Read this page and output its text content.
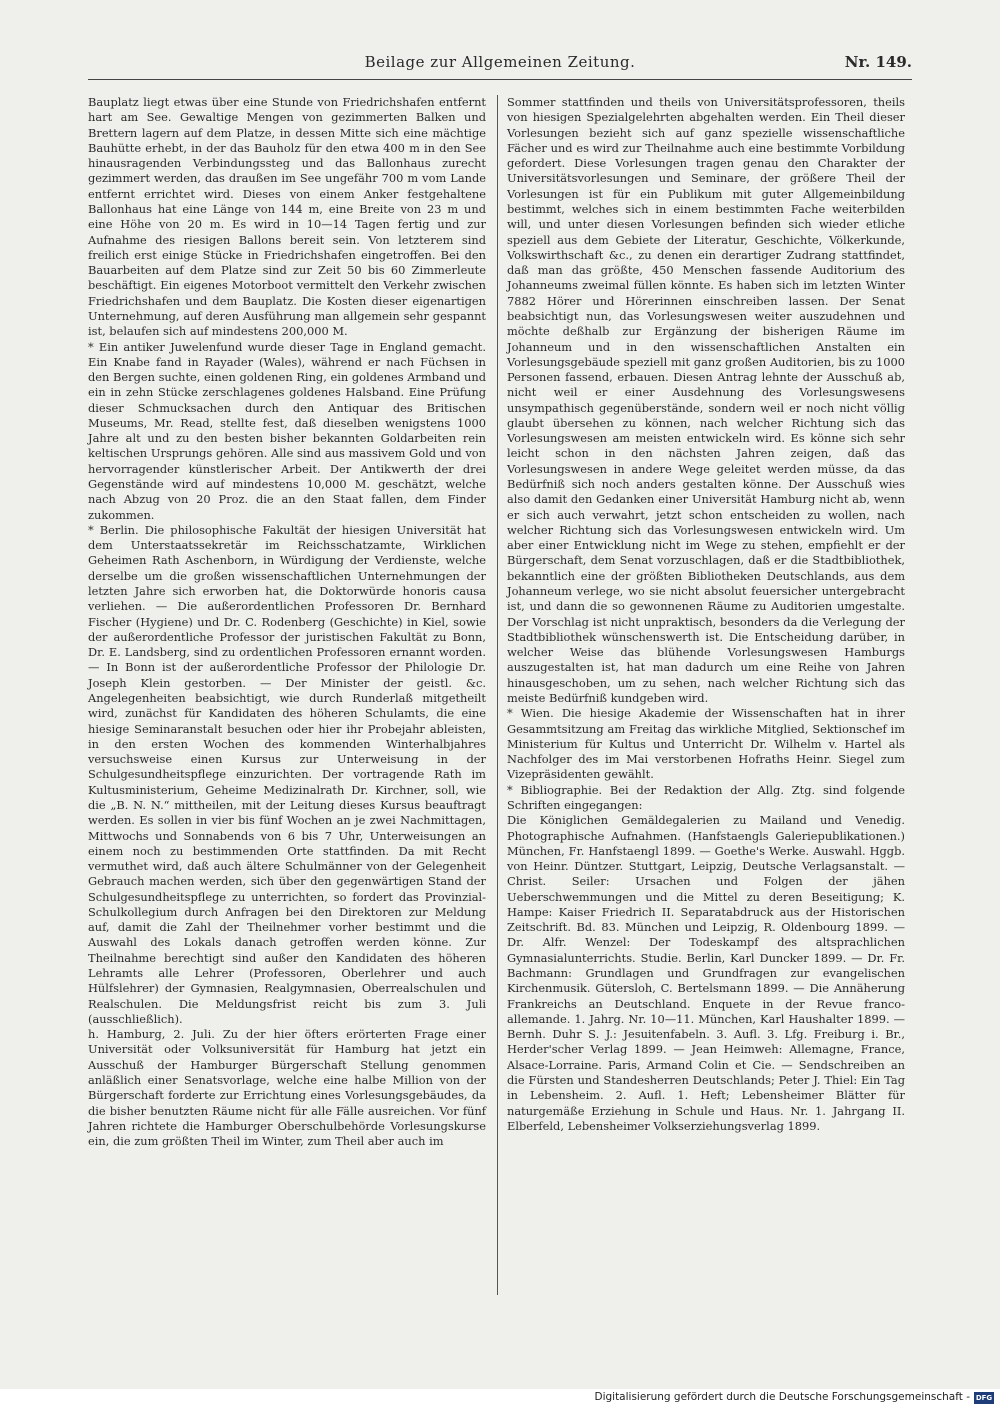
Beilage zur Allgemeinen Zeitung.	Nr. 149.

Bauplatz liegt etwas über eine Stunde von Friedrichshafen entfernt hart am See. Gewaltige Mengen von gezimmerten Balken und Brettern lagern auf dem Platze, in dessen Mitte sich eine mächtige Bauhütte erhebt, in der das Bauholz für den etwa 400 m in den See hinausragenden Verbindungssteg und das Ballonhaus zurecht gezimmert werden, das draußen im See ungefähr 700 m vom Lande entfernt errichtet wird. Dieses von einem Anker festgehaltene Ballonhaus hat eine Länge von 144 m, eine Breite von 23 m und eine Höhe von 20 m. Es wird in 10—14 Tagen fertig und zur Aufnahme des riesigen Ballons bereit sein. Von letzterem sind freilich erst einige Stücke in Friedrichshafen eingetroffen. Bei den Bauarbeiten auf dem Platze sind zur Zeit 50 bis 60 Zimmerleute beschäftigt. Ein eigenes Motorboot vermittelt den Verkehr zwischen Friedrichshafen und dem Bauplatz. Die Kosten dieser eigenartigen Unternehmung, auf deren Ausführung man allgemein sehr gespannt ist, belaufen sich auf mindestens 200,000 M.

* Ein antiker Juwelenfund wurde dieser Tage in England gemacht. Ein Knabe fand in Rayader (Wales), während er nach Füchsen in den Bergen suchte, einen goldenen Ring, ein goldenes Armband und ein in zehn Stücke zerschlagenes goldenes Halsband. Eine Prüfung dieser Schmucksachen durch den Antiquar des Britischen Museums, Mr. Read, stellte fest, daß dieselben wenigstens 1000 Jahre alt und zu den besten bisher bekannten Goldarbeiten rein keltischen Ursprungs gehören. Alle sind aus massivem Gold und von hervorragender künstlerischer Arbeit. Der Antikwerth der drei Gegenstände wird auf mindestens 10,000 M. geschätzt, welche nach Abzug von 20 Proz. die an den Staat fallen, dem Finder zukommen.

* Berlin. Die philosophische Fakultät der hiesigen Universität hat dem Unterstaatssekretär im Reichsschatzamte, Wirklichen Geheimen Rath Aschenborn, in Würdigung der Verdienste, welche derselbe um die großen wissenschaftlichen Unternehmungen der letzten Jahre sich erworben hat, die Doktorwürde honoris causa verliehen. — Die außerordentlichen Professoren Dr. Bernhard Fischer (Hygiene) und Dr. C. Rodenberg (Geschichte) in Kiel, sowie der außerordentliche Professor der juristischen Fakultät zu Bonn, Dr. E. Landsberg, sind zu ordentlichen Professoren ernannt worden. — In Bonn ist der außerordentliche Professor der Philologie Dr. Joseph Klein gestorben. — Der Minister der geistl. &c. Angelegenheiten beabsichtigt, wie durch Runderlaß mitgetheilt wird, zunächst für Kandidaten des höheren Schulamts, die eine hiesige Seminaranstalt besuchen oder hier ihr Probejahr ableisten, in den ersten Wochen des kommenden Winterhalbjahres versuchsweise einen Kursus zur Unterweisung in der Schulgesundheitspflege einzurichten. Der vortragende Rath im Kultusministerium, Geheime Medizinalrath Dr. Kirchner, soll, wie die „B. N. N.“ mittheilen, mit der Leitung dieses Kursus beauftragt werden. Es sollen in vier bis fünf Wochen an je zwei Nachmittagen, Mittwochs und Sonnabends von 6 bis 7 Uhr, Unterweisungen an einem noch zu bestimmenden Orte stattfinden. Da mit Recht vermuthet wird, daß auch ältere Schulmänner von der Gelegenheit Gebrauch machen werden, sich über den gegenwärtigen Stand der Schulgesundheitspflege zu unterrichten, so fordert das Provinzial-Schulkollegium durch Anfragen bei den Direktoren zur Meldung auf, damit die Zahl der Theilnehmer vorher bestimmt und die Auswahl des Lokals danach getroffen werden könne. Zur Theilnahme berechtigt sind außer den Kandidaten des höheren Lehramts alle Lehrer (Professoren, Oberlehrer und auch Hülfslehrer) der Gymnasien, Realgymnasien, Oberrealschulen und Realschulen. Die Meldungsfrist reicht bis zum 3. Juli (ausschließlich).

h. Hamburg, 2. Juli. Zu der hier öfters erörterten Frage einer Universität oder Volksuniversität für Hamburg hat jetzt ein Ausschuß der Hamburger Bürgerschaft Stellung genommen anläßlich einer Senatsvorlage, welche eine halbe Million von der Bürgerschaft forderte zur Errichtung eines Vorlesungsgebäudes, da die bisher benutzten Räume nicht für alle Fälle ausreichen. Vor fünf Jahren richtete die Hamburger Oberschulbehörde Vorlesungskurse ein, die zum größten Theil im Winter, zum Theil aber auch im

Sommer stattfinden und theils von Universitätsprofessoren, theils von hiesigen Spezialgelehrten abgehalten werden. Ein Theil dieser Vorlesungen bezieht sich auf ganz spezielle wissenschaftliche Fächer und es wird zur Theilnahme auch eine bestimmte Vorbildung gefordert. Diese Vorlesungen tragen genau den Charakter der Universitätsvorlesungen und Seminare, der größere Theil der Vorlesungen ist für ein Publikum mit guter Allgemeinbildung bestimmt, welches sich in einem bestimmten Fache weiterbilden will, und unter diesen Vorlesungen befinden sich wieder etliche speziell aus dem Gebiete der Literatur, Geschichte, Völkerkunde, Volkswirthschaft &c., zu denen ein derartiger Zudrang stattfindet, daß man das größte, 450 Menschen fassende Auditorium des Johanneums zweimal füllen könnte. Es haben sich im letzten Winter 7882 Hörer und Hörerinnen einschreiben lassen. Der Senat beabsichtigt nun, das Vorlesungswesen weiter auszudehnen und möchte deßhalb zur Ergänzung der bisherigen Räume im Johanneum und in den wissenschaftlichen Anstalten ein Vorlesungsgebäude speziell mit ganz großen Auditorien, bis zu 1000 Personen fassend, erbauen. Diesen Antrag lehnte der Ausschuß ab, nicht weil er einer Ausdehnung des Vorlesungswesens unsympathisch gegenüberstände, sondern weil er noch nicht völlig glaubt übersehen zu können, nach welcher Richtung sich das Vorlesungswesen am meisten entwickeln wird. Es könne sich sehr leicht schon in den nächsten Jahren zeigen, daß das Vorlesungswesen in andere Wege geleitet werden müsse, da das Bedürfniß sich noch anders gestalten könne. Der Ausschuß wies also damit den Gedanken einer Universität Hamburg nicht ab, wenn er sich auch verwahrt, jetzt schon entscheiden zu wollen, nach welcher Richtung sich das Vorlesungswesen entwickeln wird. Um aber einer Entwicklung nicht im Wege zu stehen, empfiehlt er der Bürgerschaft, dem Senat vorzuschlagen, daß er die Stadtbibliothek, bekanntlich eine der größten Bibliotheken Deutschlands, aus dem Johanneum verlege, wo sie nicht absolut feuersicher untergebracht ist, und dann die so gewonnenen Räume zu Auditorien umgestalte. Der Vorschlag ist nicht unpraktisch, besonders da die Verlegung der Stadtbibliothek wünschenswerth ist. Die Entscheidung darüber, in welcher Weise das blühende Vorlesungswesen Hamburgs auszugestalten ist, hat man dadurch um eine Reihe von Jahren hinausgeschoben, um zu sehen, nach welcher Richtung sich das meiste Bedürfniß kundgeben wird.

* Wien. Die hiesige Akademie der Wissenschaften hat in ihrer Gesammtsitzung am Freitag das wirkliche Mitglied, Sektionschef im Ministerium für Kultus und Unterricht Dr. Wilhelm v. Hartel als Nachfolger des im Mai verstorbenen Hofraths Heinr. Siegel zum Vizepräsidenten gewählt.

* Bibliographie. Bei der Redaktion der Allg. Ztg. sind folgende Schriften eingegangen:

Die Königlichen Gemäldegalerien zu Mailand und Venedig. Photographische Aufnahmen. (Hanfstaengls Galeriepublikationen.) München, Fr. Hanfstaengl 1899. — Goethe's Werke. Auswahl. Hggb. von Heinr. Düntzer. Stuttgart, Leipzig, Deutsche Verlagsanstalt. — Christ. Seiler: Ursachen und Folgen der jähen Ueberschwemmungen und die Mittel zu deren Beseitigung; K. Hampe: Kaiser Friedrich II. Separatabdruck aus der Historischen Zeitschrift. Bd. 83. München und Leipzig, R. Oldenbourg 1899. — Dr. Alfr. Wenzel: Der Todeskampf des altsprachlichen Gymnasialunterrichts. Studie. Berlin, Karl Duncker 1899. — Dr. Fr. Bachmann: Grundlagen und Grundfragen zur evangelischen Kirchenmusik. Gütersloh, C. Bertelsmann 1899. — Die Annäherung Frankreichs an Deutschland. Enquete in der Revue franco-allemande. 1. Jahrg. Nr. 10—11. München, Karl Haushalter 1899. — Bernh. Duhr S. J.: Jesuitenfabeln. 3. Aufl. 3. Lfg. Freiburg i. Br., Herder'scher Verlag 1899. — Jean Heimweh: Allemagne, France, Alsace-Lorraine. Paris, Armand Colin et Cie. — Sendschreiben an die Fürsten und Standesherren Deutschlands; Peter J. Thiel: Ein Tag in Lebensheim. 2. Aufl. 1. Heft; Lebensheimer Blätter für naturgemäße Erziehung in Schule und Haus. Nr. 1. Jahrgang II. Elberfeld, Lebensheimer Volkserziehungsverlag 1899.

Digitalisierung gefördert durch die Deutsche Forschungsgemeinschaft - DFG
